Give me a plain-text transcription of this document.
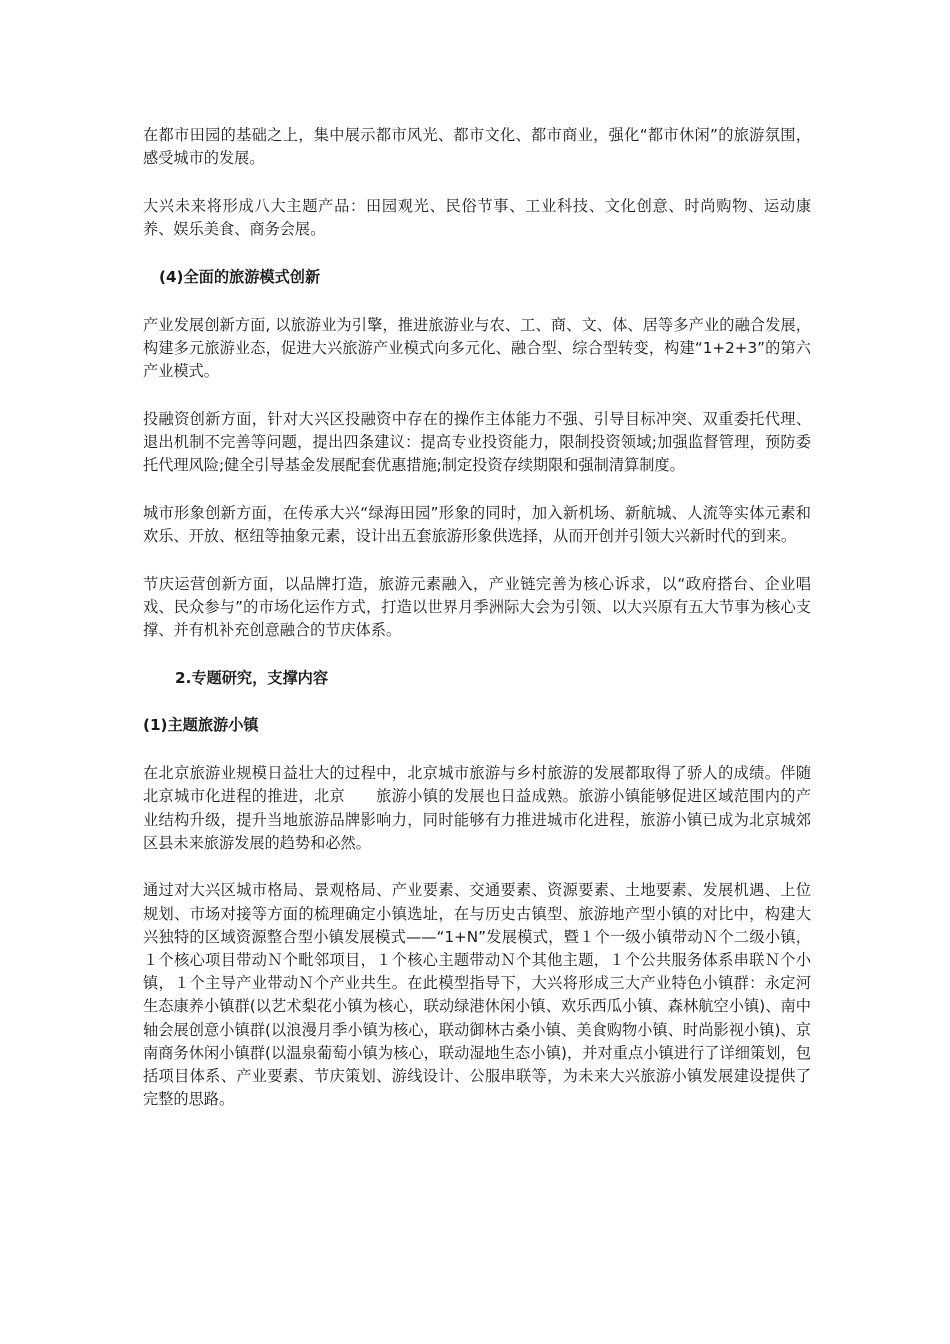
在都市田园的基础之上，集中展示都市风光、都市文化、都市商业，强化“都市休闲”的旅游氛围，感受城市的发展。

大兴未来将形成八大主题产品：田园观光、民俗节事、工业科技、文化创意、时尚购物、运动康养、娱乐美食、商务会展。

(4)全面的旅游模式创新

产业发展创新方面, 以旅游业为引擎，推进旅游业与农、工、商、文、体、居等多产业的融合发展，构建多元旅游业态，促进大兴旅游产业模式向多元化、融合型、综合型转变，构建“1+2+3”的第六产业模式。

投融资创新方面，针对大兴区投融资中存在的操作主体能力不强、引导目标冲突、双重委托代理、退出机制不完善等问题，提出四条建议：提高专业投资能力，限制投资领域;加强监督管理，预防委托代理风险;健全引导基金发展配套优惠措施;制定投资存续期限和强制清算制度。

城市形象创新方面，在传承大兴“绿海田园”形象的同时，加入新机场、新航城、人流等实体元素和欢乐、开放、枢纽等抽象元素，设计出五套旅游形象供选择，从而开创并引领大兴新时代的到来。

节庆运营创新方面，以品牌打造，旅游元素融入，产业链完善为核心诉求，以“政府搭台、企业唱戏、民众参与”的市场化运作方式，打造以世界月季洲际大会为引领、以大兴原有五大节事为核心支撑、并有机补充创意融合的节庆体系。

2.专题研究，支撑内容

(1)主题旅游小镇

在北京旅游业规模日益壮大的过程中，北京城市旅游与乡村旅游的发展都取得了骄人的成绩。伴随北京城市化进程的推进，北京　　旅游小镇的发展也日益成熟。旅游小镇能够促进区域范围内的产业结构升级，提升当地旅游品牌影响力，同时能够有力推进城市化进程，旅游小镇已成为北京城郊区县未来旅游发展的趋势和必然。

通过对大兴区城市格局、景观格局、产业要素、交通要素、资源要素、土地要素、发展机遇、上位规划、市场对接等方面的梳理确定小镇选址，在与历史古镇型、旅游地产型小镇的对比中，构建大兴独特的区域资源整合型小镇发展模式——“1+N”发展模式，暨１个一级小镇带动Ｎ个二级小镇，１个核心项目带动Ｎ个毗邻项目，１个核心主题带动Ｎ个其他主题，１个公共服务体系串联Ｎ个小镇，１个主导产业带动Ｎ个产业共生。在此模型指导下，大兴将形成三大产业特色小镇群：永定河生态康养小镇群(以艺术梨花小镇为核心，联动绿港休闲小镇、欢乐西瓜小镇、森林航空小镇)、南中轴会展创意小镇群(以浪漫月季小镇为核心，联动御林古桑小镇、美食购物小镇、时尚影视小镇)、京南商务休闲小镇群(以温泉葡萄小镇为核心，联动湿地生态小镇)，并对重点小镇进行了详细策划，包括项目体系、产业要素、节庆策划、游线设计、公服串联等，为未来大兴旅游小镇发展建设提供了完整的思路。
